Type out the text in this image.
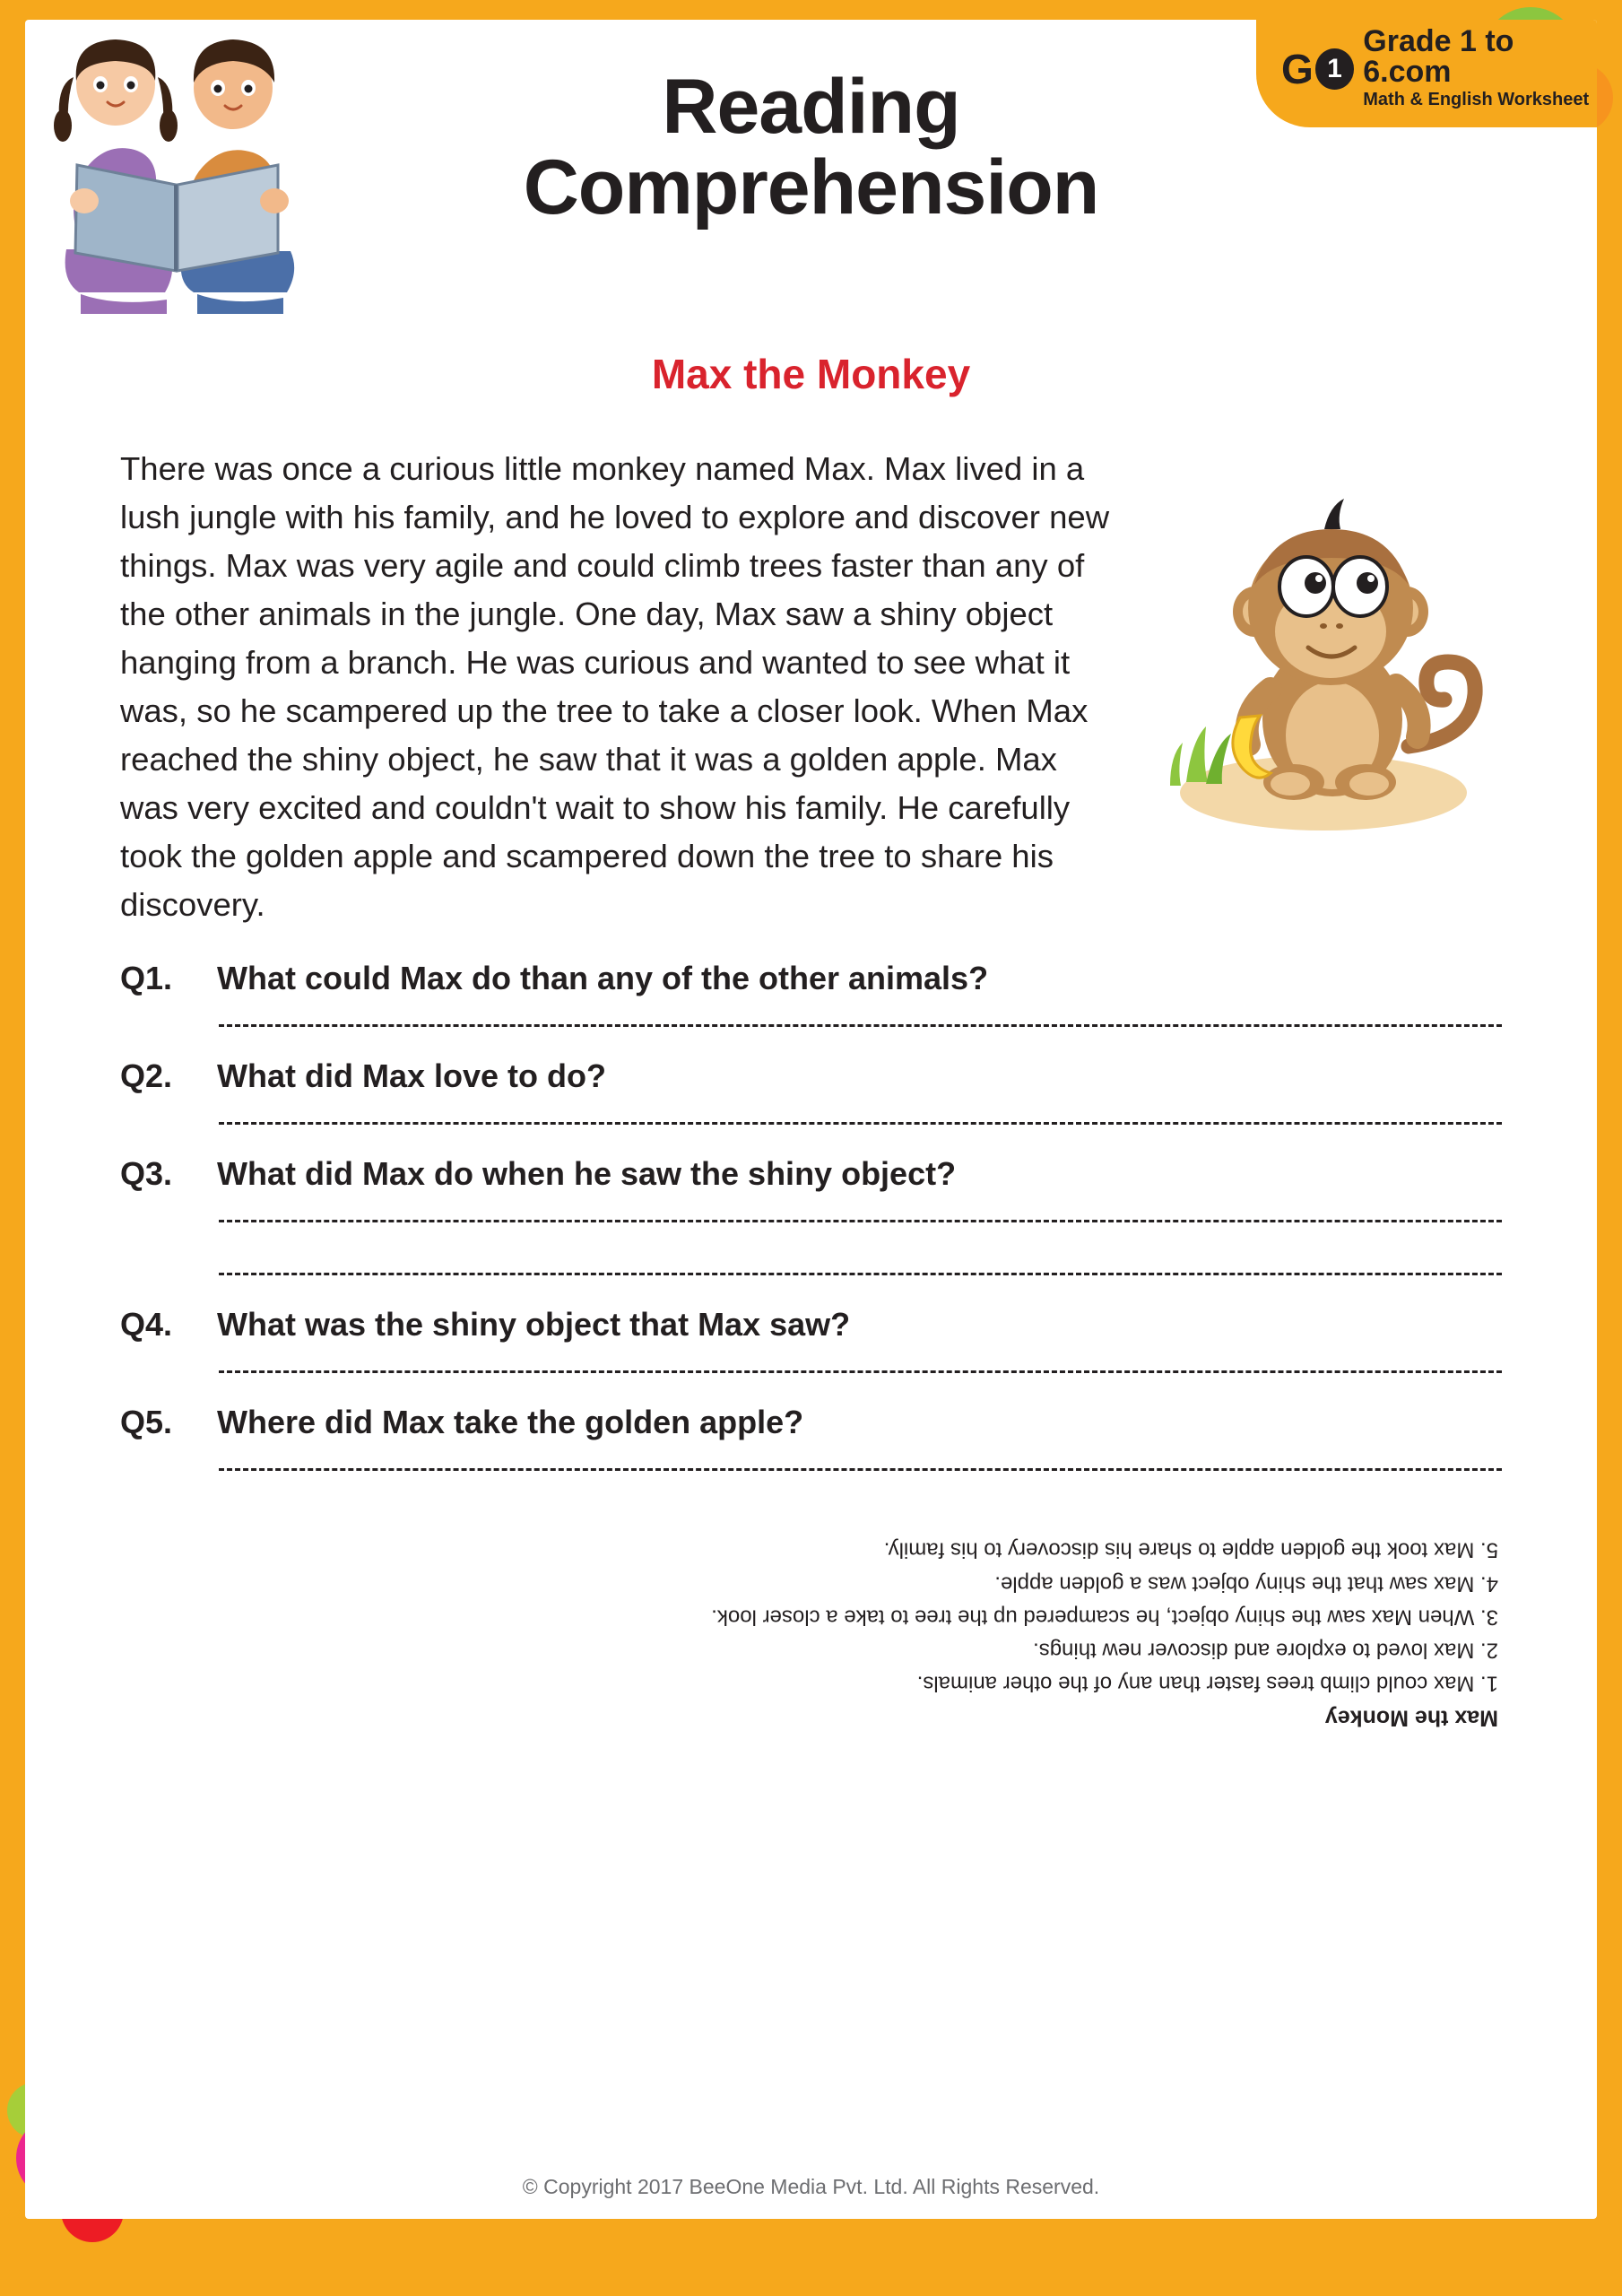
G 1
Grade 1 to 6.com
Math & English Worksheet
Reading
Comprehension
Max the Monkey
There was once a curious little monkey named Max. Max lived in a lush jungle with his family, and he loved to explore and discover new things. Max was very agile and could climb trees faster than any of the other animals in the jungle. One day, Max saw a shiny object hanging from a branch. He was curious and wanted to see what it was, so he scampered up the tree to take a closer look. When Max reached the shiny object, he saw that it was a golden apple. Max was very excited and couldn't wait to show his family. He carefully took the golden apple and scampered down the tree to share his discovery.
Q1.	What could Max do than any of the other animals?
Q2.	What did Max love to do?
Q3.	What did Max do when he saw the shiny object?
Q4.	What was the shiny object that Max saw?
Q5.	Where did Max take the golden apple?
Max the Monkey
1. Max could climb trees faster than any of the other animals.
2. Max loved to explore and discover new things.
3. When Max saw the shiny object, he scampered up the tree to take a closer look.
4. Max saw that the shiny object was a golden apple.
5. Max took the golden apple to share his discovery to his family.
© Copyright 2017 BeeOne Media Pvt. Ltd. All Rights Reserved.
